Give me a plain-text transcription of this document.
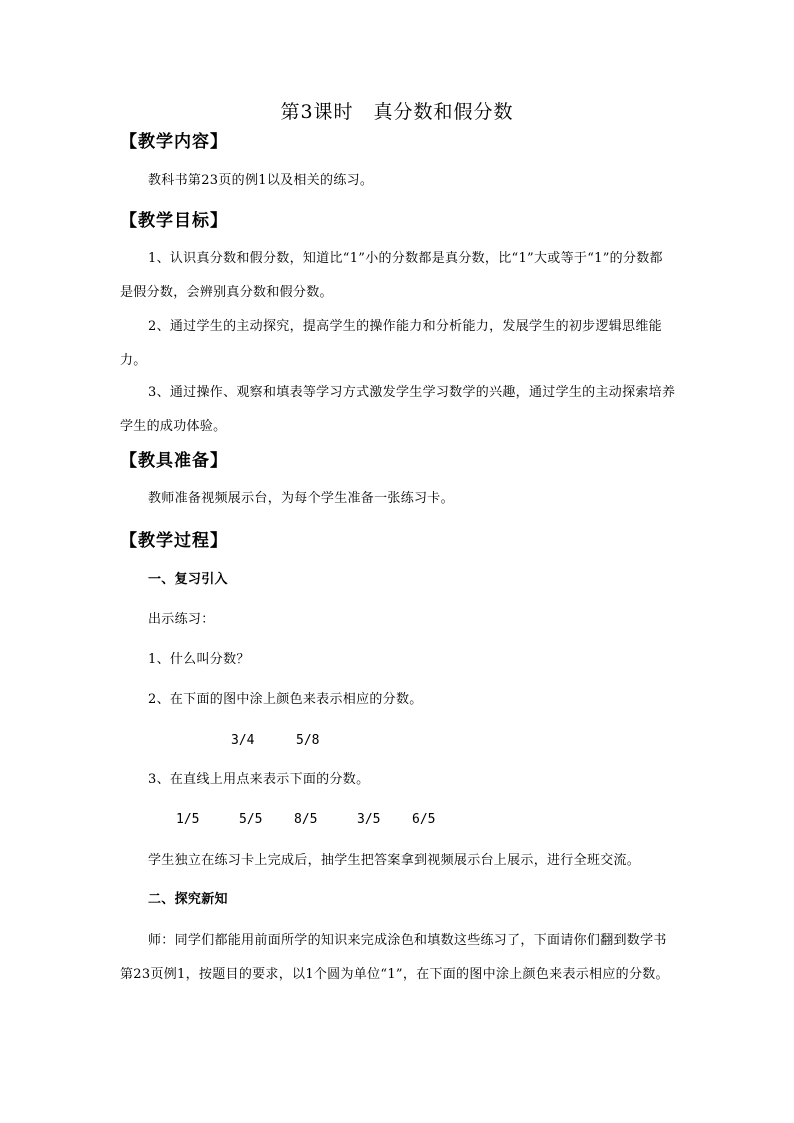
第3课时　真分数和假分数
【教学内容】
教科书第23页的例1以及相关的练习。
【教学目标】
1、认识真分数和假分数，知道比“1”小的分数都是真分数，比“1”大或等于“1”的分数都是假分数，会辨别真分数和假分数。
2、通过学生的主动探究，提高学生的操作能力和分析能力，发展学生的初步逻辑思维能力。
3、通过操作、观察和填表等学习方式激发学生学习数学的兴趣，通过学生的主动探索培养学生的成功体验。
【教具准备】
教师准备视频展示台，为每个学生准备一张练习卡。
【教学过程】
一、复习引入
出示练习：
1、什么叫分数？
2、在下面的图中涂上颜色来表示相应的分数。
3/4	5/8
3、在直线上用点来表示下面的分数。
1/5	5/5 8/5	3/5 6/5
学生独立在练习卡上完成后，抽学生把答案拿到视频展示台上展示，进行全班交流。
二、探究新知
师：同学们都能用前面所学的知识来完成涂色和填数这些练习了，下面请你们翻到数学书第23页例1，按题目的要求，以1个圆为单位“1”，在下面的图中涂上颜色来表示相应的分数。
